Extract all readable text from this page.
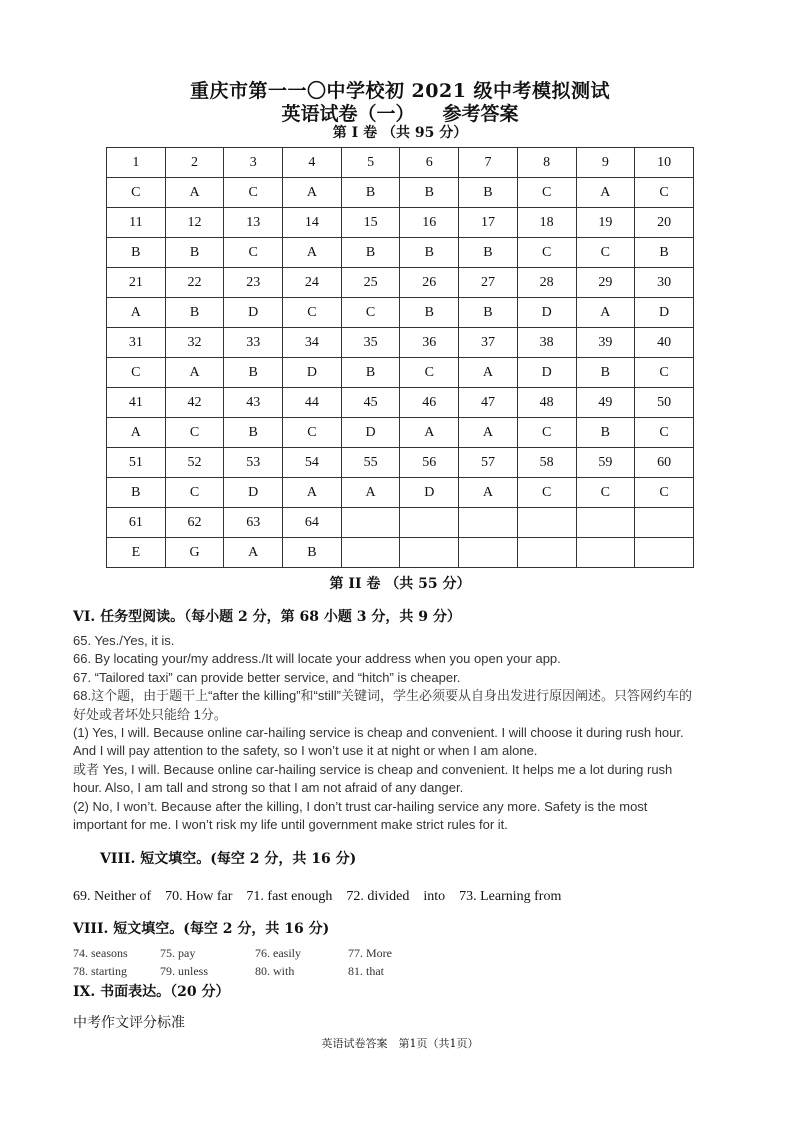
重庆市第一一〇中学校初 2021 级中考模拟测试
英语试卷（一） 参考答案
第 I 卷 （共 95 分）
1	2	3	4	5	6	7	8	9	10
C	A	C	A	B	B	B	C	A	C
11	12	13	14	15	16	17	18	19	20
B	B	C	A	B	B	B	C	C	B
21	22	23	24	25	26	27	28	29	30
A	B	D	C	C	B	B	D	A	D
31	32	33	34	35	36	37	38	39	40
C	A	B	D	B	C	A	D	B	C
41	42	43	44	45	46	47	48	49	50
A	C	B	C	D	A	A	C	B	C
51	52	53	54	55	56	57	58	59	60
B	C	D	A	A	D	A	C	C	C
61	62	63	64						
E	G	A	B						
第 II 卷 （共 55 分）
VI. 任务型阅读。（每小题 2 分，第 68 小题 3 分，共 9 分）

65. Yes./Yes, it is.

66. By locating your/my address./It will locate your address when you open your app.

67. “Tailored taxi” can provide better service, and “hitch” is cheaper.

68.这个题，由于题干上“after the killing”和“still”关键词，学生必须要从自身出发进行原因阐述。只答网约车的好处或者坏处只能给 1分。

(1) Yes, I will. Because online car-hailing service is cheap and convenient. I will choose it during rush hour. And I will pay attention to the safety, so I won’t use it at night or when I am alone.

或者 Yes, I will. Because online car-hailing service is cheap and convenient. It helps me a lot during rush hour. Also, I am tall and strong so that I am not afraid of any danger.

(2) No, I won’t. Because after the killing, I don’t trust car-hailing service any more. Safety is the most important for me. I won’t risk my life until government make strict rules for it.

VIII. 短文填空。(每空 2 分，共 16 分)
69. Neither of    70. How far    71. fast enough    72. divided    into    73. Learning from
VIII. 短文填空。(每空 2 分，共 16 分)
74. seasons	75. pay	76. easily	77. More
78. starting	79. unless	80. with	81. that
IX. 书面表达。（20 分）
中考作文评分标准
英语试卷答案　第1页（共1页）
